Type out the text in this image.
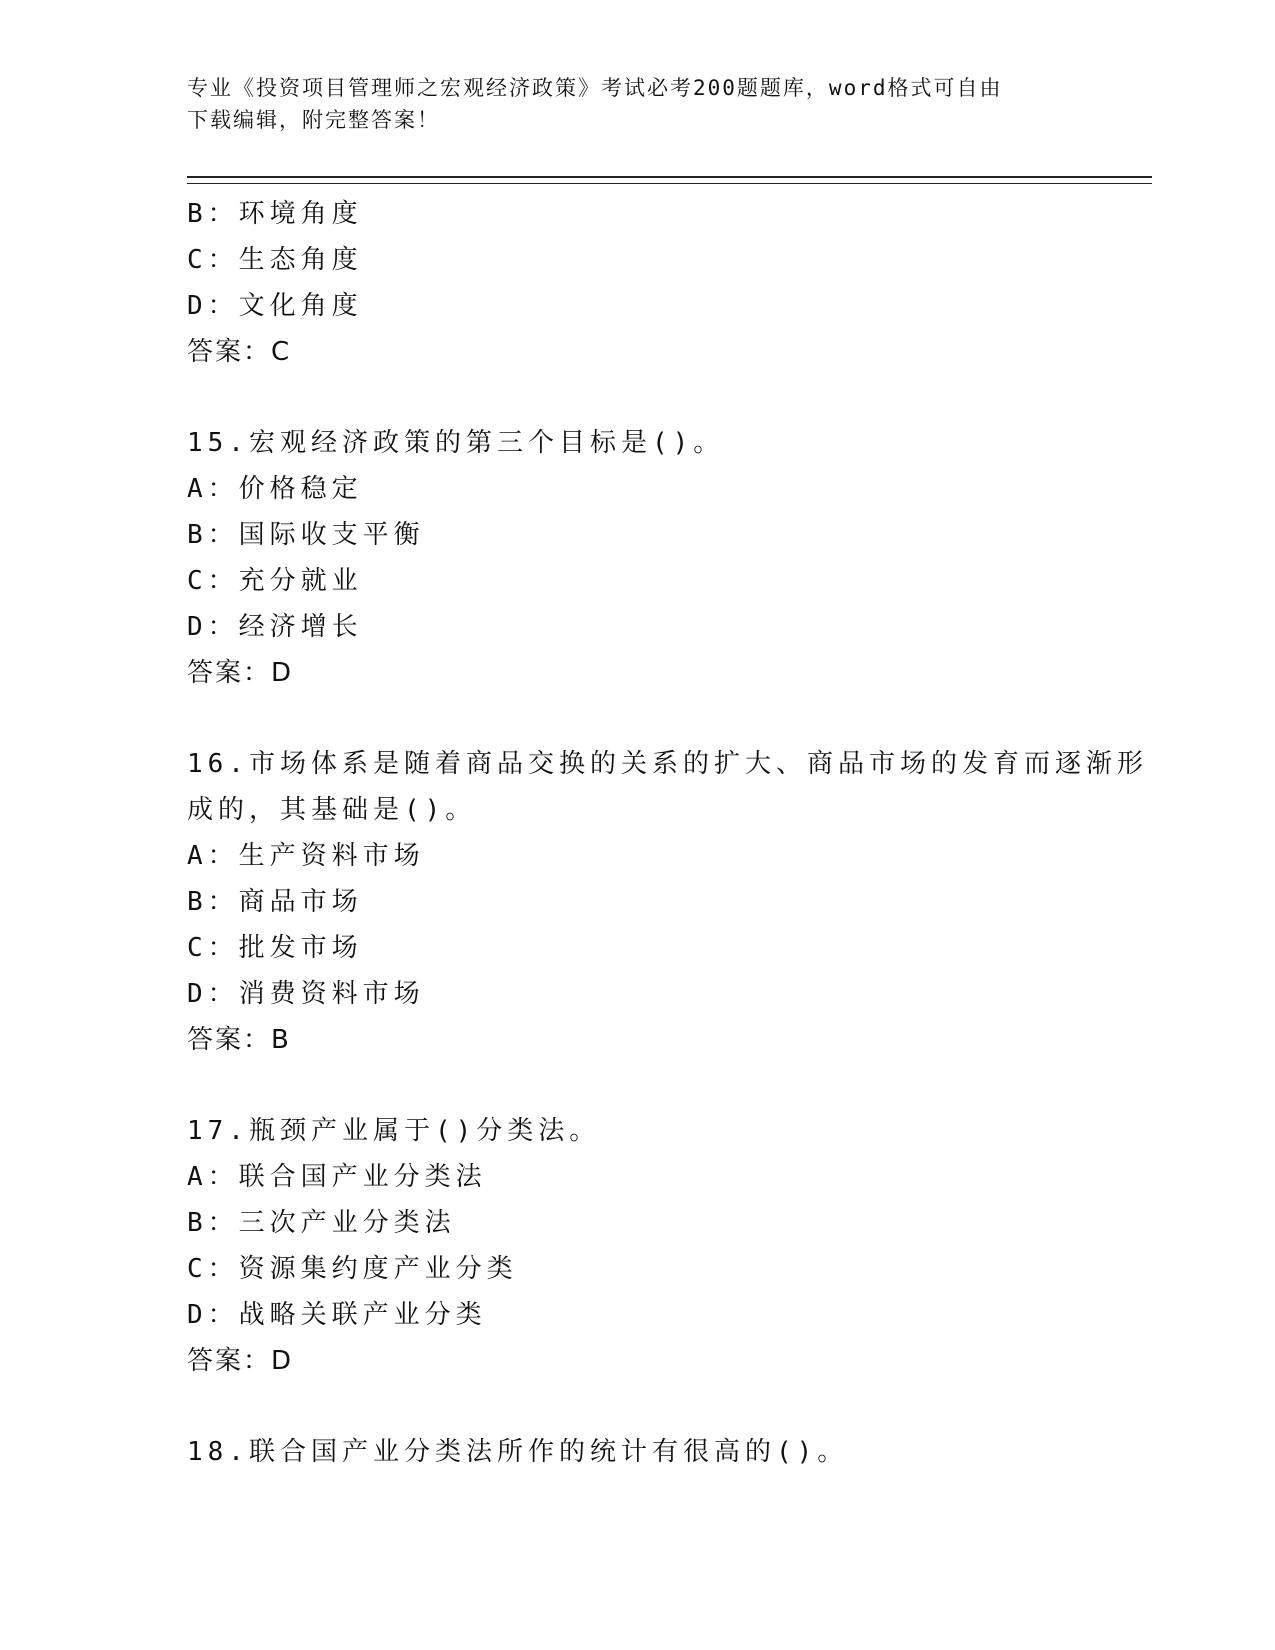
专业《投资项目管理师之宏观经济政策》考试必考200题题库，word格式可自由
下载编辑，附完整答案！
B：环境角度
C：生态角度
D：文化角度
答案：C
15.宏观经济政策的第三个目标是()。
A：价格稳定
B：国际收支平衡
C：充分就业
D：经济增长
答案：D
16.市场体系是随着商品交换的关系的扩大、商品市场的发育而逐渐形
成的，其基础是()。
A：生产资料市场
B：商品市场
C：批发市场
D：消费资料市场
答案：B
17.瓶颈产业属于()分类法。
A：联合国产业分类法
B：三次产业分类法
C：资源集约度产业分类
D：战略关联产业分类
答案：D
18.联合国产业分类法所作的统计有很高的()。
